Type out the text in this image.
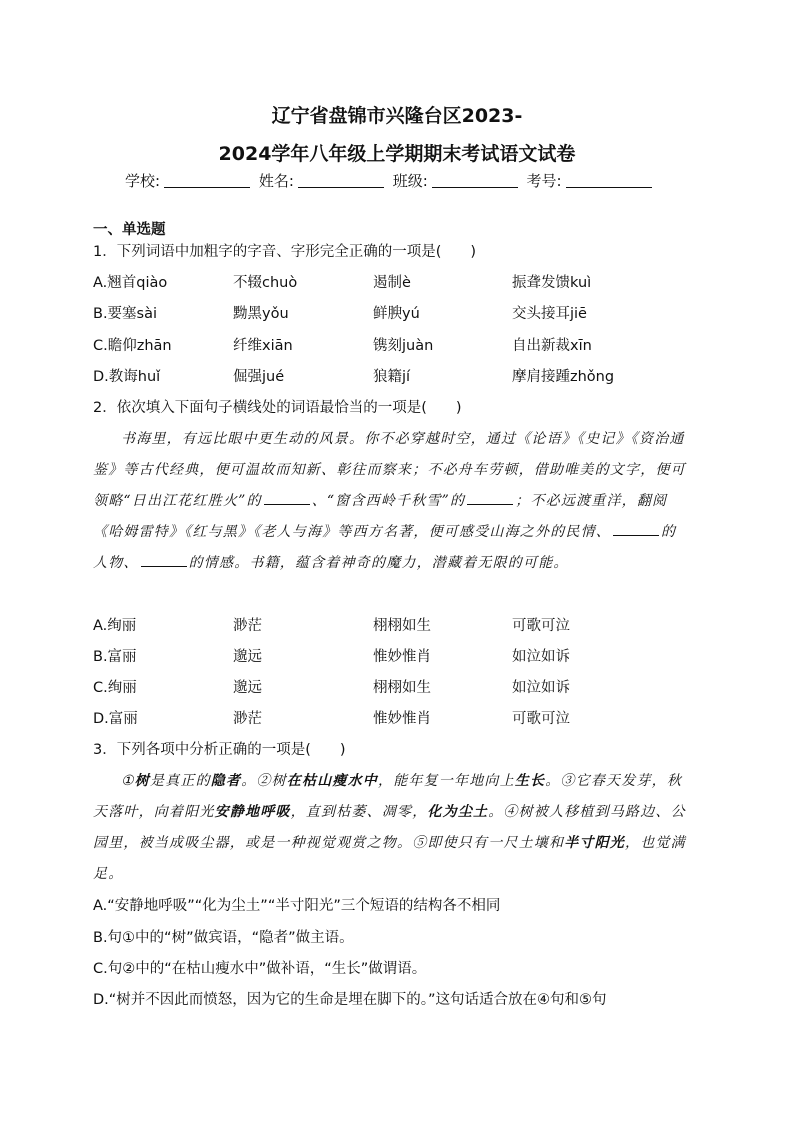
辽宁省盘锦市兴隆台区2023-
2024学年八年级上学期期末考试语文试卷
学校:	姓名:	班级:	考号:
一、单选题
1．下列词语中加粗字的字音、字形完全正确的一项是(　　)
A.翘首qiào	不辍chuò	遏制è	振聋发馈kuì
B.要塞sài	黝黑yǒu	鲜腴yú	交头接耳jiē
C.瞻仰zhān	纤维xiān	镌刻juàn	自出新裁xīn
D.教诲huǐ	倔强jué	狼籍jí	摩肩接踵zhǒng
2．依次填入下面句子横线处的词语最恰当的一项是(　　)

书海里，有远比眼中更生动的风景。你不必穿越时空，通过《论语》《史记》《资治通鉴》等古代经典，便可温故而知新、彰往而察来；不必舟车劳顿，借助唯美的文字，便可领略“日出江花红胜火”的	、“窗含西岭千秋雪”的	；不必远渡重洋，翻阅《哈姆雷特》《红与黑》《老人与海》等西方名著，便可感受山海之外的民情、	的人物、	的情感。书籍，蕴含着神奇的魔力，潜藏着无限的可能。

A.绚丽	渺茫	栩栩如生	可歌可泣
B.富丽	邈远	惟妙惟肖	如泣如诉
C.绚丽	邈远	栩栩如生	如泣如诉
D.富丽	渺茫	惟妙惟肖	可歌可泣
3．下列各项中分析正确的一项是(　　)

①树是真正的隐者。②树在枯山瘦水中，能年复一年地向上生长。③它春天发芽，秋天落叶，向着阳光安静地呼吸，直到枯萎、凋零，化为尘土。④树被人移植到马路边、公园里，被当成吸尘器，或是一种视觉观赏之物。⑤即使只有一尺土壤和半寸阳光，也觉满足。

A.“安静地呼吸”“化为尘土”“半寸阳光”三个短语的结构各不相同
B.句①中的“树”做宾语，“隐者”做主语。
C.句②中的“在枯山瘦水中”做补语，“生长”做谓语。
D.“树并不因此而愤怒，因为它的生命是埋在脚下的。”这句话适合放在④句和⑤句
